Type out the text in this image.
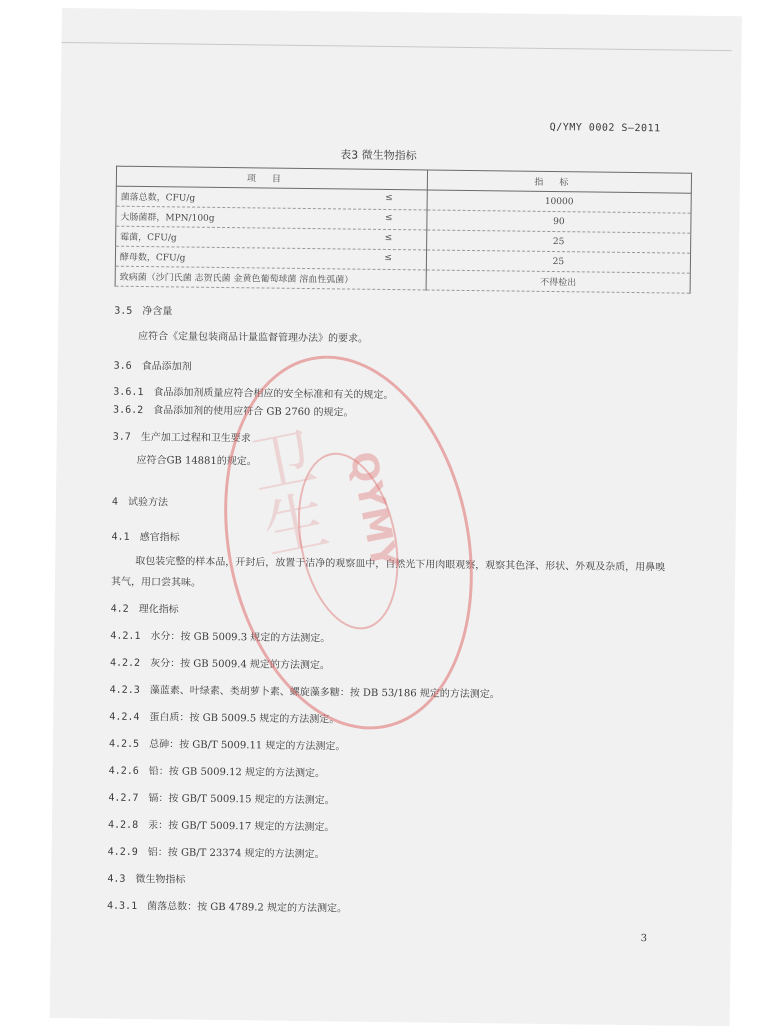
Q/YMY 0002 S—2011
表3 微生物指标
项目	指标
菌落总数，CFU/g ≤	10000
大肠菌群，MPN/100g ≤	90
霉菌，CFU/g ≤	25
酵母数，CFU/g ≤	25
致病菌（沙门氏菌 志贺氏菌 金黄色葡萄球菌 溶血性弧菌）	不得检出
3.5 净含量
应符合《定量包装商品计量监督管理办法》的要求。
3.6 食品添加剂
3.6.1 食品添加剂质量应符合相应的安全标准和有关的规定。
3.6.2 食品添加剂的使用应符合 GB 2760 的规定。
3.7 生产加工过程和卫生要求
应符合GB 14881的规定。
4 试验方法
4.1 感官指标
取包装完整的样本品，开封后，放置于洁净的观察皿中，自然光下用肉眼观察，观察其色泽、形状、外观及杂质，用鼻嗅其气，用口尝其味。
4.2 理化指标
4.2.1 水分：按 GB 5009.3 规定的方法测定。
4.2.2 灰分：按 GB 5009.4 规定的方法测定。
4.2.3 藻蓝素、叶绿素、类胡萝卜素、螺旋藻多糖：按 DB 53/186 规定的方法测定。
4.2.4 蛋白质：按 GB 5009.5 规定的方法测定。
4.2.5 总砷：按 GB/T 5009.11 规定的方法测定。
4.2.6 铅：按 GB 5009.12 规定的方法测定。
4.2.7 镉：按 GB/T 5009.15 规定的方法测定。
4.2.8 汞：按 GB/T 5009.17 规定的方法测定。
4.2.9 铝：按 GB/T 23374 规定的方法测定。
4.3 微生物指标
4.3.1 菌落总数：按 GB 4789.2 规定的方法测定。
3
卫生 QYMY
